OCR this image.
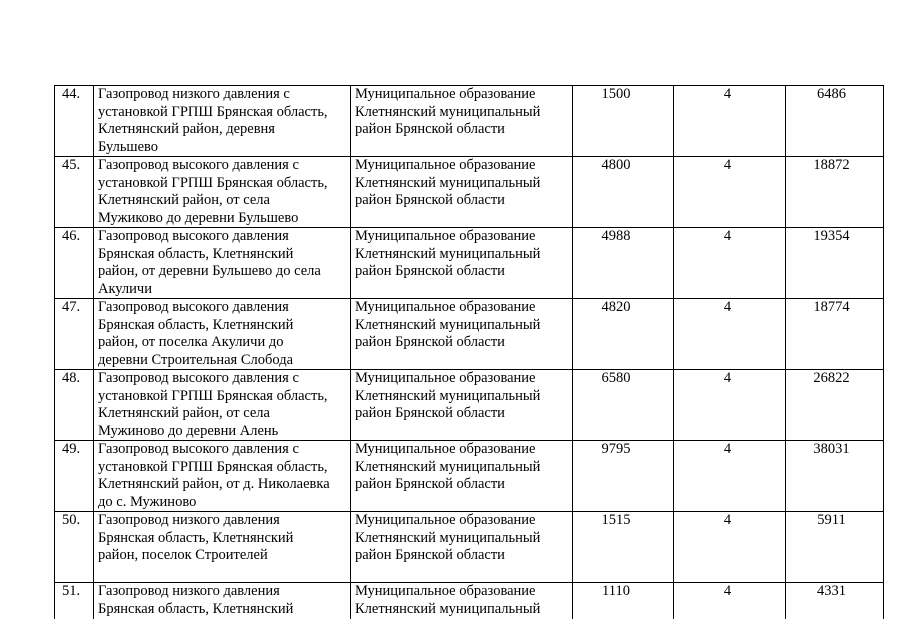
44.	Газопровод низкого давления с
установкой ГРПШ Брянская область,
Клетнянский район, деревня
Бульшево	Муниципальное образование
Клетнянский муниципальный
район Брянской области	1500	4	6486
45.	Газопровод высокого давления с
установкой ГРПШ Брянская область,
Клетнянский район, от села
Мужиково до деревни Бульшево	Муниципальное образование
Клетнянский муниципальный
район Брянской области	4800	4	18872
46.	Газопровод высокого давления
Брянская область, Клетнянский
район, от деревни Бульшево до села
Акуличи	Муниципальное образование
Клетнянский муниципальный
район Брянской области	4988	4	19354
47.	Газопровод высокого давления
Брянская область, Клетнянский
район, от поселка Акуличи до
деревни Строительная Слобода	Муниципальное образование
Клетнянский муниципальный
район Брянской области	4820	4	18774
48.	Газопровод высокого давления с
установкой ГРПШ Брянская область,
Клетнянский район, от села
Мужиново до деревни Алень	Муниципальное образование
Клетнянский муниципальный
район Брянской области	6580	4	26822
49.	Газопровод высокого давления с
установкой ГРПШ Брянская область,
Клетнянский район, от д. Николаевка
до с. Мужиново	Муниципальное образование
Клетнянский муниципальный
район Брянской области	9795	4	38031
50.	Газопровод низкого давления
Брянская область, Клетнянский
район, поселок Строителей	Муниципальное образование
Клетнянский муниципальный
район Брянской области	1515	4	5911
51.	Газопровод низкого давления
Брянская область, Клетнянский	Муниципальное образование
Клетнянский муниципальный	1110	4	4331
